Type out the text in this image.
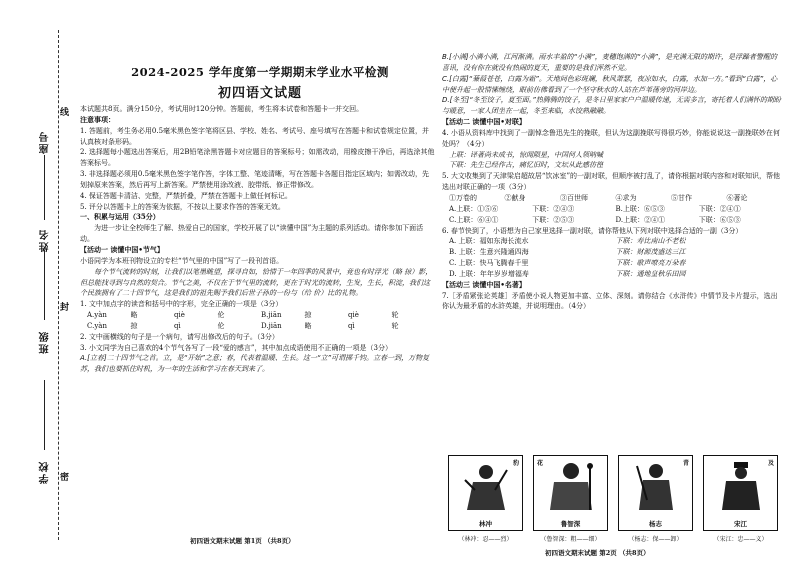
班级
姓名
座号
学校
封
密
线
2024-2025 学年度第一学期期末学业水平检测
初四语文试题

本试题共8页。满分150分，考试用时120分钟。答题前，考生将本试卷和答题卡一并交回。

注意事项：

1. 答题前，考生务必用0.5毫米黑色签字笔将区县、学校、姓名、考试号、座号填写在答题卡和试卷规定位置，并认真核对条形码。

2. 选择题每小题选出答案后，用2B铅笔涂黑答题卡对应题目的答案标号；如需改动，用橡皮擦干净后，再选涂其他答案标号。

3. 非选择题必须用0.5毫米黑色签字笔作答，字体工整、笔迹清晰，写在答题卡各题目指定区域内；如需改动，先划掉原来答案，然后再写上新答案。严禁使用涂改液、胶带纸、修正带修改。

4. 保证答题卡清洁、完整，严禁折叠，严禁在答题卡上做任何标记。

5. 评分以答题卡上的答案为依据，不按以上要求作答的答案无效。

一、积累与运用（35分）

为进一步让全校师生了解、热爱自己的国家，学校开展了以“读懂中国”为主题的系列活动。请你参加下面活动。

【活动一 读懂中国•节气】

小语同学为本班刊物设立的专栏“节气里的中国”写了一段刊首语。

每个节气流转的时刻，让我们以笔墨眺望，探寻自如，恰情于一年四季的风景中，竟也有时浮光（略 掠）影，但总能找寻到与自然的契合。节气之美，不仅在于节气里的流转，更在于时光的流转，生发，生长，积淀，我们这个民族拥有了二十四节气，这是我们的祖先赐予我们后世子孙的一份与（给 价）比的礼物。

1. 文中加点字的读音和括号中的字形，完全正确的一项是（3分）

A.yàn	略	qiè	伦	B.jiān	掠	qiè	轮
C.yàn	掠	qì	伦	D.jiān	略	qì	轮

2. 文中画横线的句子是一个病句，请写出修改后的句子。（3分）

3. 小文同学为自己喜欢的4个节气各写了一段“爱的感言”，其中加点成语使用不正确的一项是（3分）

A.[立春]二十四节气之首。立，是“开始”之意；春，代表着温暖、生长。这一“立”可谓掷千钧。立春一到，万物复苏，我们也要抓住时机，为一年的生活和学习在春天到来了。

初四语文期末试题 第1页 （共8页）

B.[小满]小满小满，江河渐满。雨水丰盈的“小满”，麦穗饱满的“小满”，是充满无限的期许，是浮躁者警醒的喜讯，没有你在就没有热闹的夏天，重要的是我们浑然不觉。

C.[白露]“蒹葭苍苍，白露为霜”。天地间色彩斑斓，秋风萧瑟，夜凉如水，白露，水加一方。”看到“白露”，心中便升起一股情愫缠绕，眼前仿佛看到了一个坚守秋水的人站在芦苇荡旁的河岸边。

D.[冬至]“冬至饺子，夏至面。”热腾腾的饺子，是冬日里家家户户温暖传递，无需多言，寄托着人们满怀的期盼与暖意，一家人团坐在一起，冬至来临，水饺熟融融。

【活动二 读懂中国•对联】

4. 小语从资料库中找到了一副悼念鲁迅先生的挽联，但认为这副挽联写得很巧妙，你能说说这一副挽联妙在何处吗？（4分）

上联：译著尚未成书，惊闻陨星，中国何人领呐喊

下联：先生已经作古，痛忆旧时，文坛从此感彷徨

5. 大文收集到了天津梁启超故居“饮冰室”的一副对联，但顺序被打乱了，请你根据对联内容和对联知识，帮他选出对联正确的一项（3分）

①万卷的	②献身	③百世师	④求为	⑤甘作	⑥著论
A.上联：①⑤⑥	下联：②④③	B.上联：⑥⑤③	下联：②④①
C.上联：⑥④①	下联：②⑤③	D.上联：②④①	下联：⑥⑤③

6. 春节快到了，小语想为自己家里选择一副对联，请你帮他从下列对联中选择合适的一副（3分）

A. 上联：福如东海长流水	下联：寿比南山不老松
B. 上联：生意兴隆通四海	下联：财源茂盛达三江
C. 上联：快马飞腾春千里	下联：歌声嘹亮万朵春
D. 上联：年年岁岁增福寿	下联：通地皇秋乐田园

【活动三 读懂中国•名著】

7.［矛盾紧张论英雄］矛盾使小说人物更加丰富、立体、深刻。请你结合《水浒传》中情节及卡片提示，选出你认为最矛盾的水浒英雄，并说明理由。（4分）

豹
林冲
花
鲁智深
青
杨志
及
宋江
（林冲：忍——烈）	（鲁智深：粗——细）	（杨志：保——卸）	（宋江：忠——义）
初四语文期末试题 第2页 （共8页）
